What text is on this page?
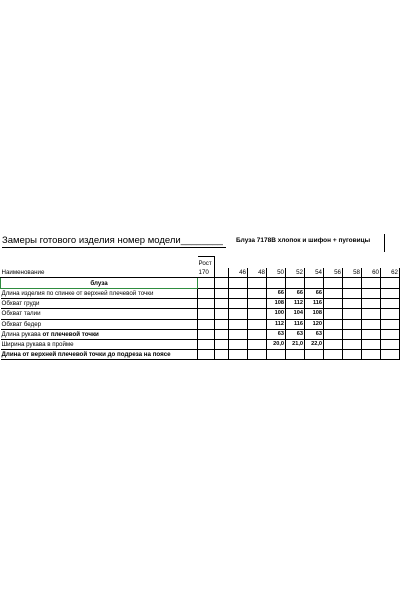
Замеры готового изделия номер модели________ Блуза 7178В хлопок и шифон + пуговицы
	Рост										
Наименование	170		46	48	50	52	54	56	58	60	62
блуза											
Длина изделия по спинке от верхней плечевой точки					66	66	66				
Обхват груди					108	112	116				
Обхват талии					100	104	108				
Обхват бедер					112	116	120				
Длина рукава от плечевой точки					63	63	63				
Ширина рукава в пройме					20,0	21,0	22,0				
Длина от верхней плечевой точки до подреза на поясе											
